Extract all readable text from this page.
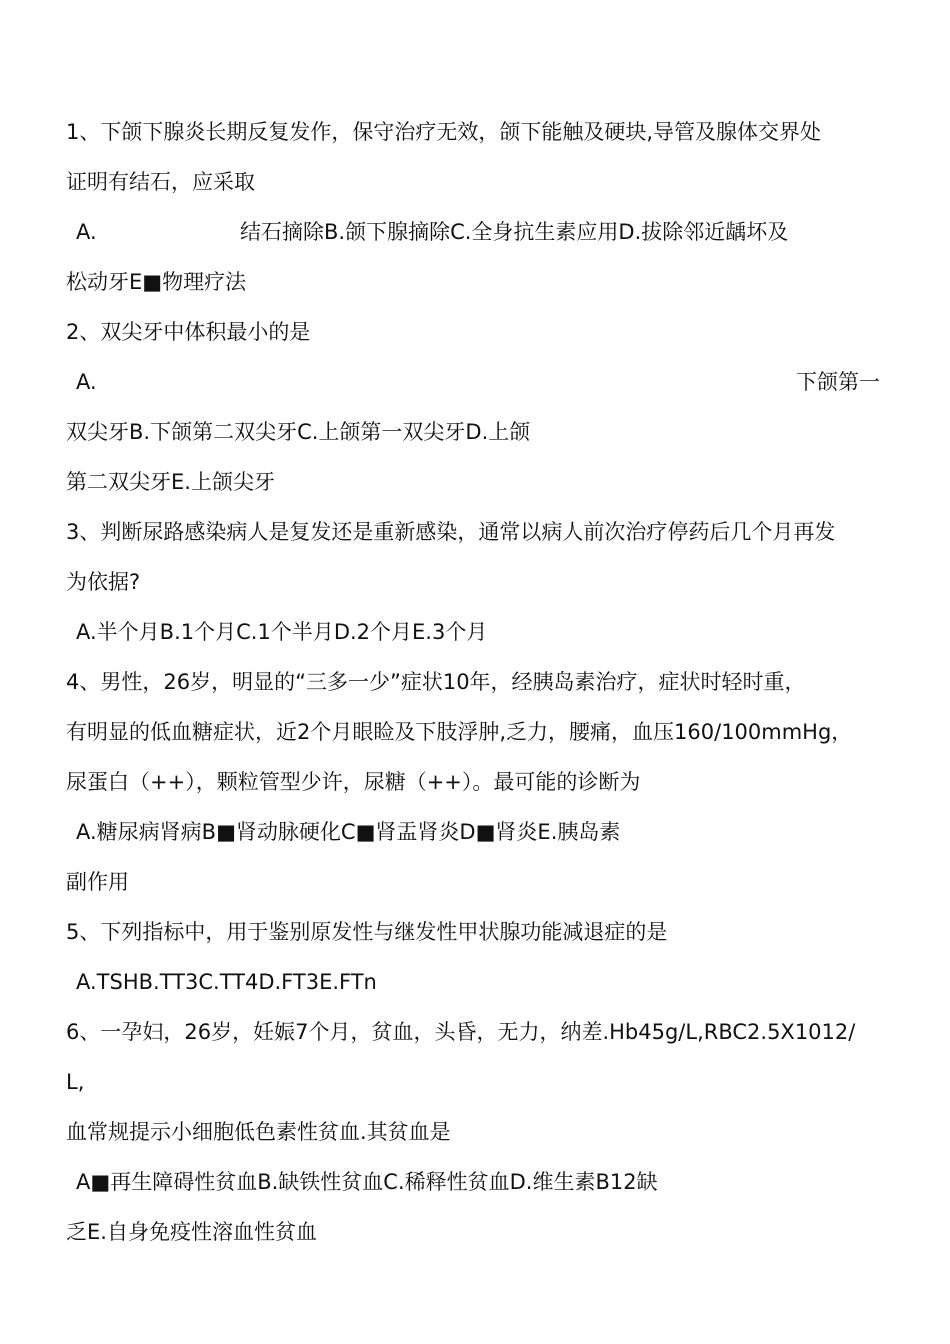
1、下颌下腺炎长期反复发作，保守治疗无效，颌下能触及硬块,导管及腺体交界处
证明有结石，应采取
A.	结石摘除B.颌下腺摘除C.全身抗生素应用D.拔除邻近龋坏及
松动牙E■物理疗法
2、双尖牙中体积最小的是
A.	下颌第一
双尖牙B.下颌第二双尖牙C.上颌第一双尖牙D.上颌
第二双尖牙E.上颌尖牙
3、判断尿路感染病人是复发还是重新感染，通常以病人前次治疗停药后几个月再发
为依据?
A.半个月B.1个月C.1个半月D.2个月E.3个月
4、男性，26岁，明显的“三多一少”症状10年，经胰岛素治疗，症状时轻时重，
有明显的低血糖症状，近2个月眼睑及下肢浮肿,乏力，腰痛，血压160/100mmHg，
尿蛋白（++），颗粒管型少许，尿糖（++）。最可能的诊断为
A.糖尿病肾病B■肾动脉硬化C■肾盂肾炎D■肾炎E.胰岛素
副作用
5、下列指标中，用于鉴别原发性与继发性甲状腺功能减退症的是
A.TSHB.TT3C.TT4D.FT3E.FTn
6、一孕妇，26岁，妊娠7个月，贫血，头昏，无力，纳差.Hb45g/L,RBC2.5X1012/
L,
血常规提示小细胞低色素性贫血.其贫血是
A■再生障碍性贫血B.缺铁性贫血C.稀释性贫血D.维生素B12缺
乏E.自身免疫性溶血性贫血
